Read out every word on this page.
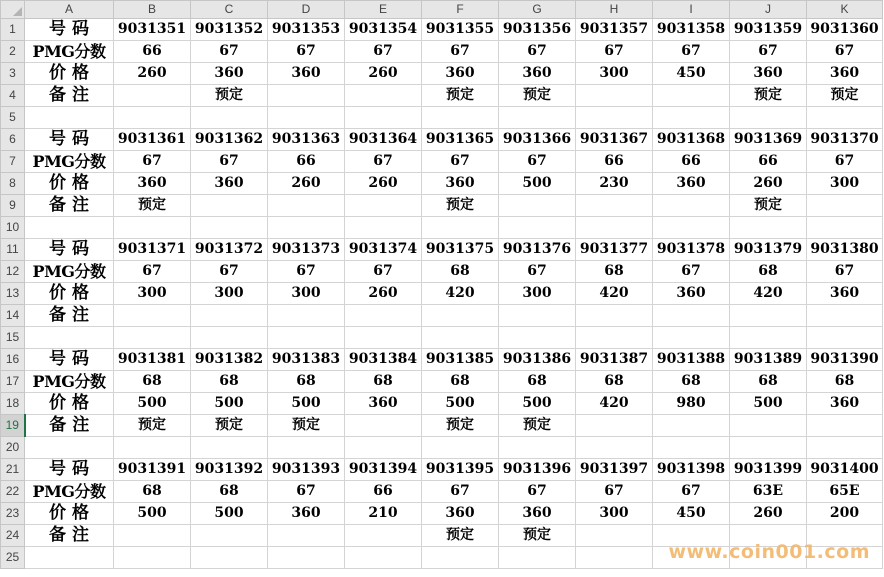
	A	B	C	D	E	F	G	H	I	J	K
1	号 码	9031351	9031352	9031353	9031354	9031355	9031356	9031357	9031358	9031359	9031360
2	PMG分数	66	67	67	67	67	67	67	67	67	67
3	价 格	260	360	360	260	360	360	300	450	360	360
4	备 注		预定			预定	预定			预定	预定
5											
6	号 码	9031361	9031362	9031363	9031364	9031365	9031366	9031367	9031368	9031369	9031370
7	PMG分数	67	67	66	67	67	67	66	66	66	67
8	价 格	360	360	260	260	360	500	230	360	260	300
9	备 注	预定				预定				预定	
10											
11	号 码	9031371	9031372	9031373	9031374	9031375	9031376	9031377	9031378	9031379	9031380
12	PMG分数	67	67	67	67	68	67	68	67	68	67
13	价 格	300	300	300	260	420	300	420	360	420	360
14	备 注										
15											
16	号 码	9031381	9031382	9031383	9031384	9031385	9031386	9031387	9031388	9031389	9031390
17	PMG分数	68	68	68	68	68	68	68	68	68	68
18	价 格	500	500	500	360	500	500	420	980	500	360
19	备 注	预定	预定	预定		预定	预定				
20											
21	号 码	9031391	9031392	9031393	9031394	9031395	9031396	9031397	9031398	9031399	9031400
22	PMG分数	68	68	67	66	67	67	67	67	63E	65E
23	价 格	500	500	360	210	360	360	300	450	260	200
24	备 注					预定	预定				
25												www.coin001.com
